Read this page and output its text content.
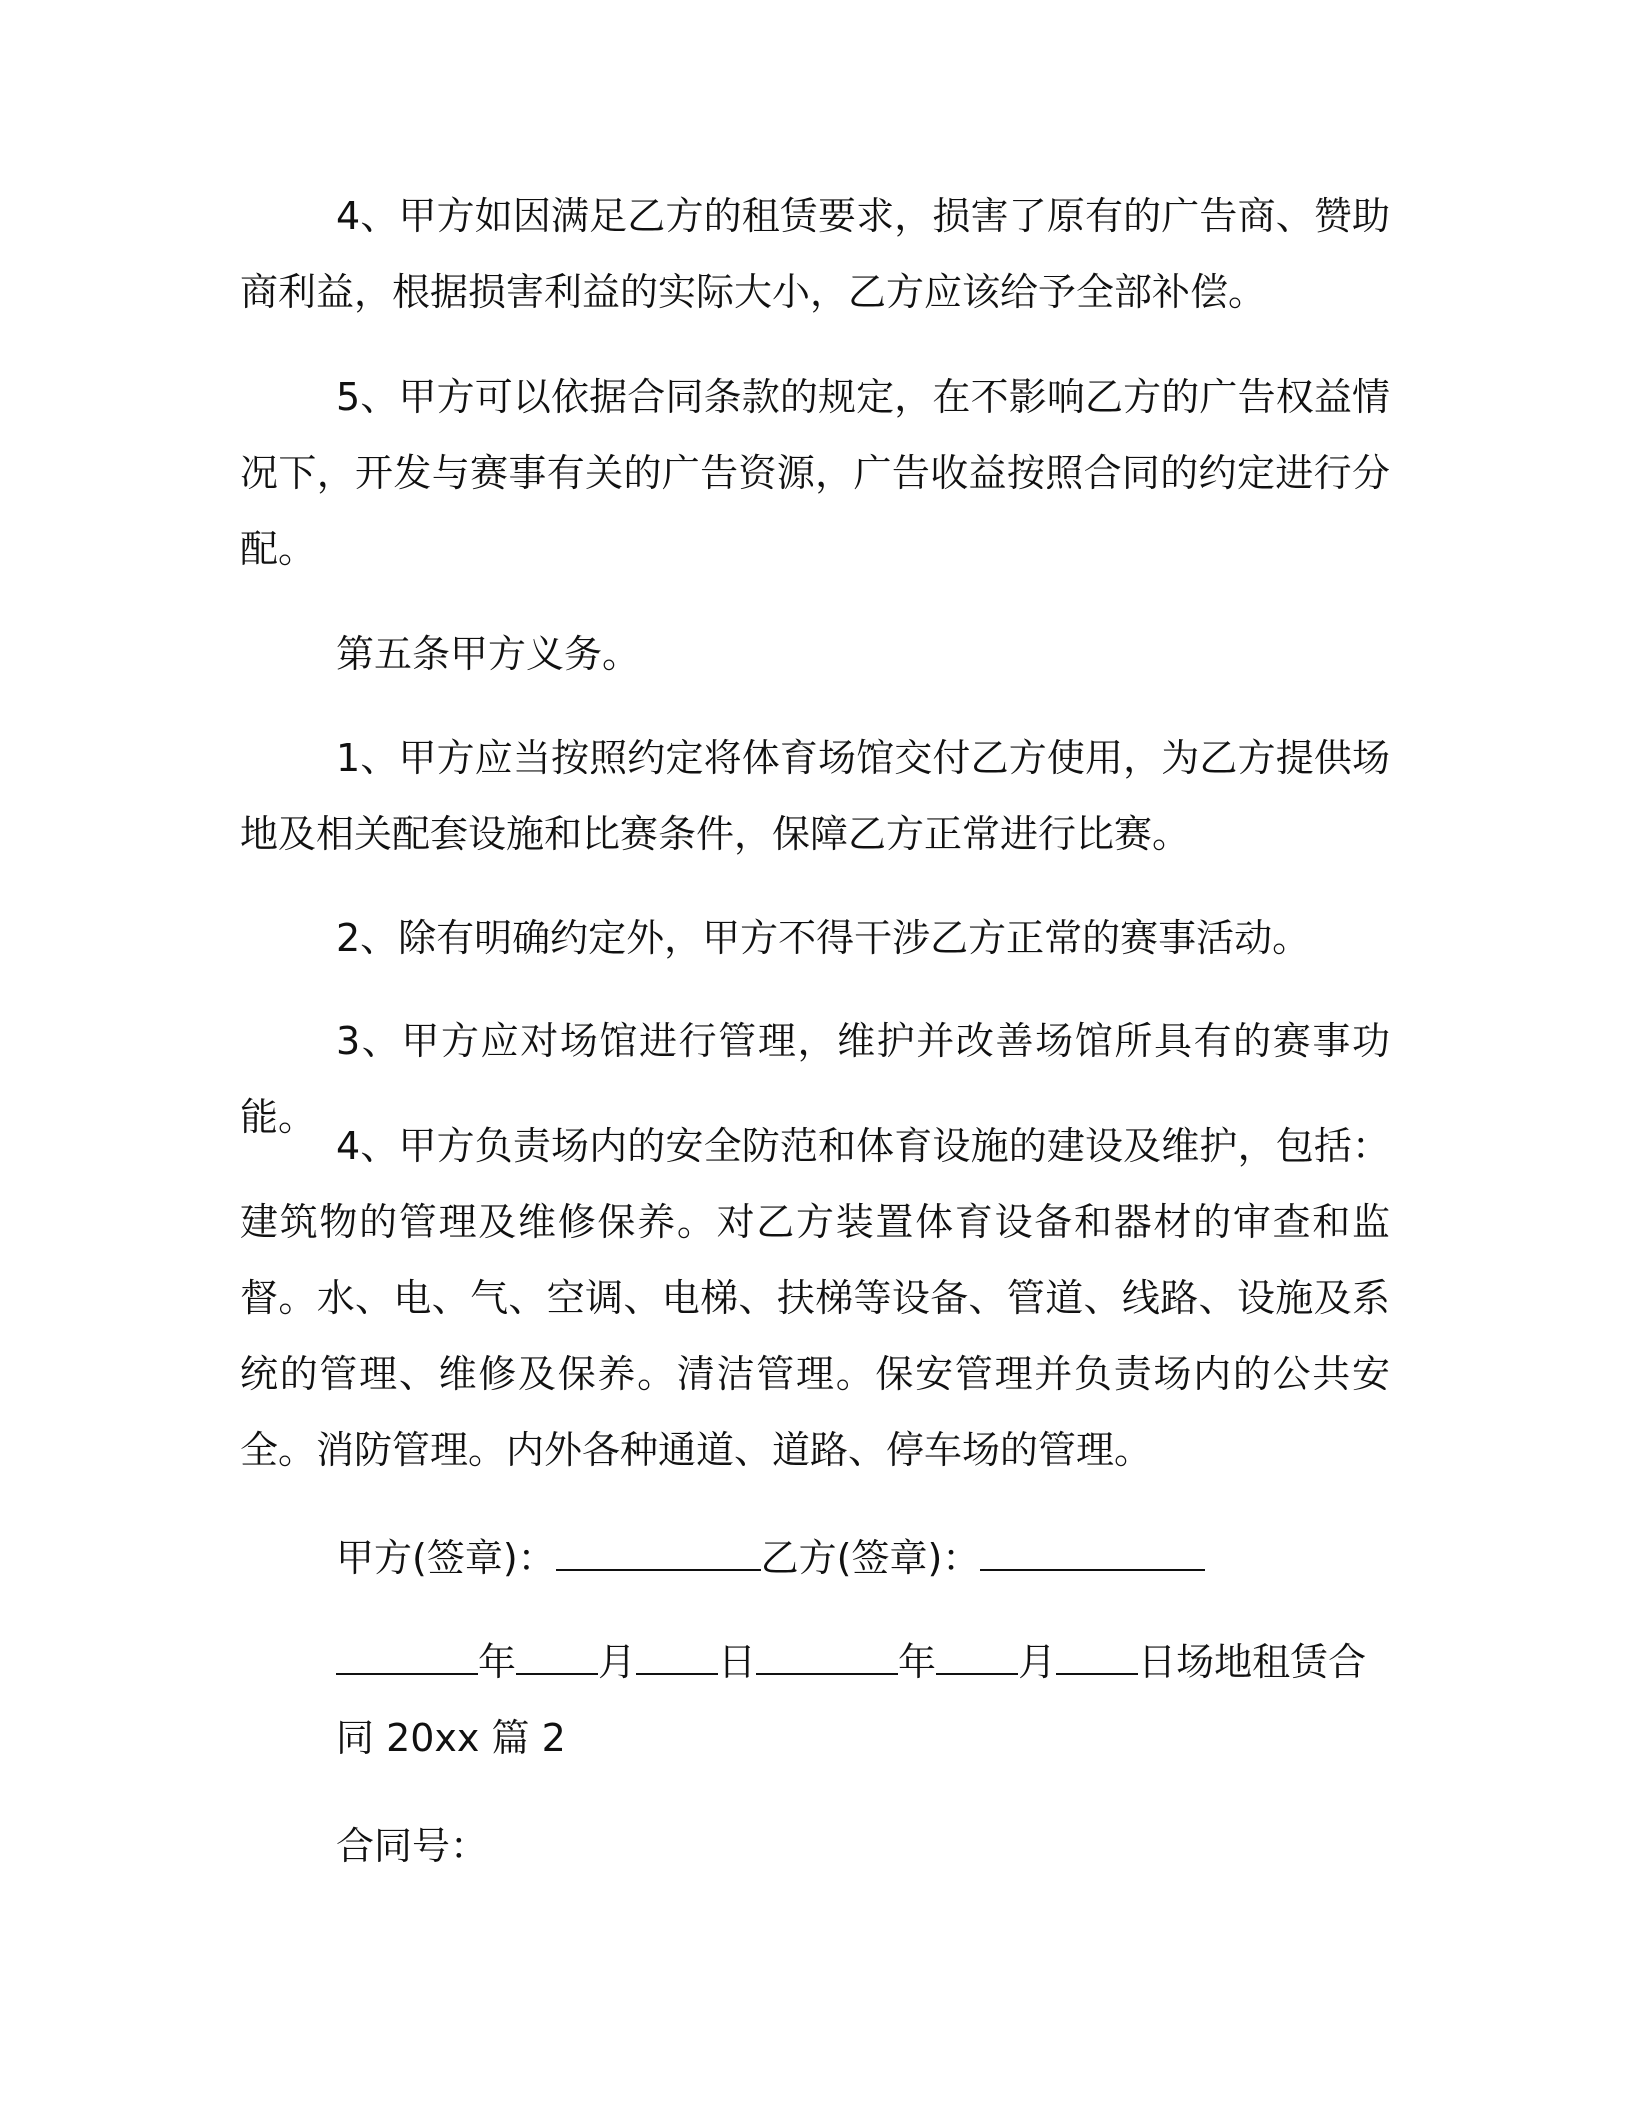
4、甲方如因满足乙方的租赁要求，损害了原有的广告商、赞助商利益，根据损害利益的实际大小，乙方应该给予全部补偿。

5、甲方可以依据合同条款的规定，在不影响乙方的广告权益情况下，开发与赛事有关的广告资源，广告收益按照合同的约定进行分配。

第五条甲方义务。

1、甲方应当按照约定将体育场馆交付乙方使用，为乙方提供场地及相关配套设施和比赛条件，保障乙方正常进行比赛。

2、除有明确约定外，甲方不得干涉乙方正常的赛事活动。

3、甲方应对场馆进行管理，维护并改善场馆所具有的赛事功能。

4、甲方负责场内的安全防范和体育设施的建设及维护，包括：建筑物的管理及维修保养。对乙方装置体育设备和器材的审查和监督。水、电、气、空调、电梯、扶梯等设备、管道、线路、设施及系统的管理、维修及保养。清洁管理。保安管理并负责场内的公共安全。消防管理。内外各种通道、道路、停车场的管理。

甲方(签章)：	乙方(签章)：
年 月 日	年 月 日场地租赁合同 20xx 篇 2
合同号：
